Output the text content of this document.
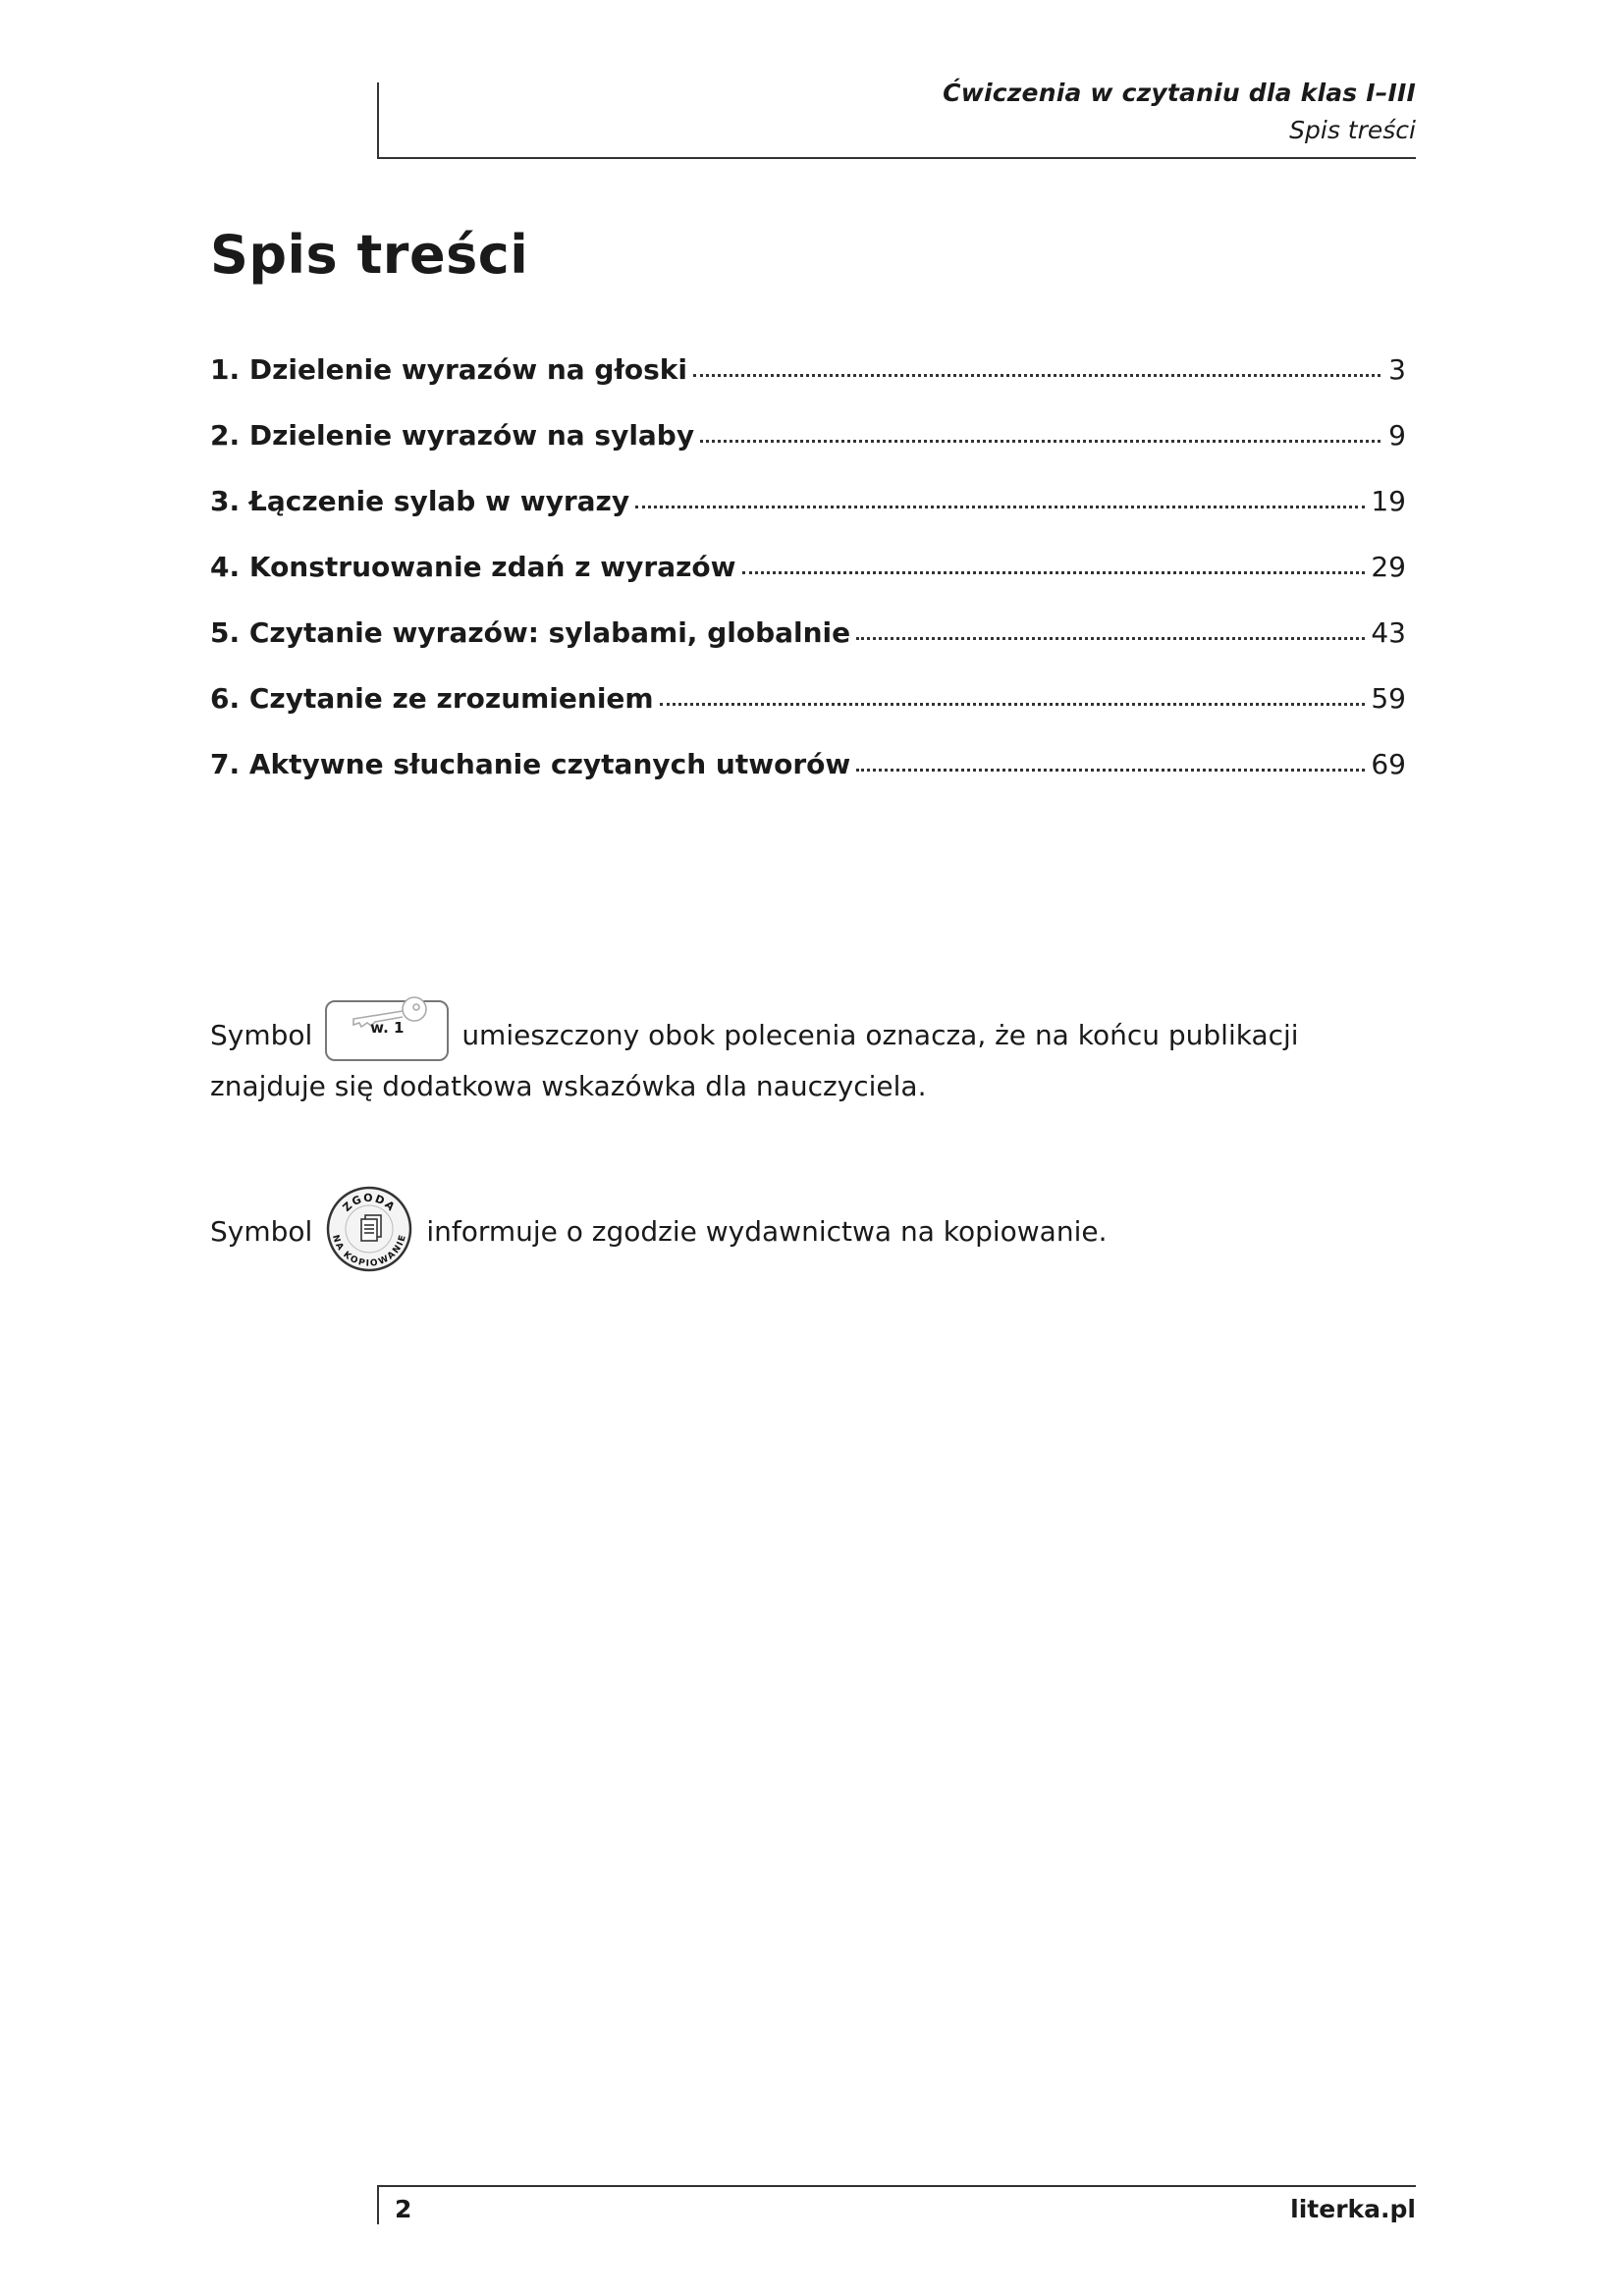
Ćwiczenia w czytaniu dla klas I–III
Spis treści
Spis treści
1. Dzielenie wyrazów na głoski	3
2. Dzielenie wyrazów na sylaby	9
3. Łączenie sylab w wyrazy	19
4. Konstruowanie zdań z wyrazów	29
5. Czytanie wyrazów: sylabami, globalnie	43
6. Czytanie ze zrozumieniem	59
7. Aktywne słuchanie czytanych utworów	69
Symbol	w. 1	umieszczony obok polecenia oznacza, że na końcu publikacji znajduje się dodatkowa wskazówka dla nauczyciela.
Symbol
ZGODA
NA KOPIOWANIE informuje o zgodzie wydawnictwa na kopiowanie.
2	literka.pl
